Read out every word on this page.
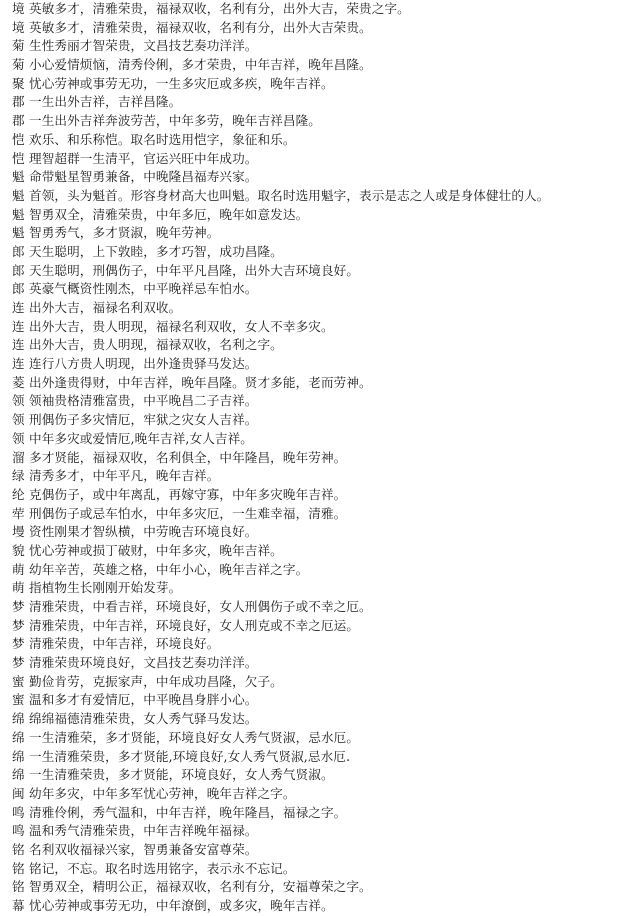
境 英敏多才，清雅荣贵，福禄双收，名利有分，出外大吉，荣贵之字。
境 英敏多才，清雅荣贵，福禄双收，名利有分，出外大吉荣贵。
菊 生性秀丽才智荣贵，文昌技艺奏功洋洋。
菊 小心爱情烦恼，清秀伶俐，多才荣贵，中年吉祥，晚年昌隆。
聚 忧心劳神或事劳无功，一生多灾厄或多疾，晚年吉祥。
郡 一生出外吉祥，吉祥昌隆。
郡 一生出外吉祥奔波劳苦，中年多劳，晚年吉祥昌隆。
恺 欢乐、和乐称恺。取名时选用恺字，象征和乐。
恺 理智超群一生清平，官运兴旺中年成功。
魁 命带魁星智勇兼备，中晚隆昌福寿兴家。
魁 首领，头为魁首。形容身材高大也叫魁。取名时选用魁字，表示是志之人或是身体健壮的人。
魁 智勇双全，清雅荣贵，中年多厄，晚年如意发达。
魁 智勇秀气，多才贤淑，晚年劳神。
郎 天生聪明，上下敦睦，多才巧智，成功昌隆。
郎 天生聪明，刑偶伤子，中年平凡昌隆，出外大吉环境良好。
郎 英豪气概资性刚杰，中平晚祥忌车怕水。
连 出外大吉，福禄名利双收。
连 出外大吉，贵人明现，福禄名利双收，女人不幸多灾。
连 出外大吉，贵人明现，福禄双收，名利之字。
连 连行八方贵人明现，出外逢贵驿马发达。
菱 出外逢贵得财，中年吉祥，晚年昌隆。贤才多能，老而劳神。
领 领袖贵格清雅富贵，中平晚昌二子吉祥。
领 刑偶伤子多灾情厄，牢狱之灾女人吉祥。
领 中年多灾或爱情厄,晚年吉祥,女人吉祥。
溜 多才贤能，福禄双收，名利俱全，中年隆昌，晚年劳神。
绿 清秀多才，中年平凡，晚年吉祥。
纶 克偶伤子，或中年离乱，再嫁守寡，中年多灾晚年吉祥。
荦 刑偶伤子或忌车怕水，中年多灾厄，一生难幸福，清雅。
墁 资性刚果才智纵横，中劳晚吉环境良好。
貌 忧心劳神或损丁破财，中年多灾，晚年吉祥。
萌 幼年辛苦，英雄之格，中年小心，晚年吉祥之字。
萌 指植物生长刚刚开始发芽。
梦 清雅荣贵，中看吉祥，环境良好，女人刑偶伤子或不幸之厄。
梦 清雅荣贵，中年吉祥，环境良好，女人刑克或不幸之厄运。
梦 清雅荣贵，中年吉祥，环境良好。
梦 清雅荣贵环境良好，文昌技艺奏功洋洋。
蜜 勤俭肯劳，克振家声，中年成功昌隆，欠子。
蜜 温和多才有爱情厄，中平晚昌身胖小心。
绵 绵绵福德清雅荣贵，女人秀气驿马发达。
绵 一生清雅荣，多才贤能，环境良好女人秀气贤淑，忌水厄。
绵 一生清雅荣贵，多才贤能,环境良好,女人秀气贤淑,忌水厄.
绵 一生清雅荣贵，多才贤能，环境良好，女人秀气贤淑。
闽 幼年多灾，中年多军忧心劳神，晚年吉祥之字。
鸣 清雅伶俐，秀气温和，中年吉祥，晚年隆昌，福禄之字。
鸣 温和秀气清雅荣贵，中年吉祥晚年福禄。
铭 名利双收福禄兴家，智勇兼备安富尊荣。
铭 铭记，不忘。取名时选用铭字，表示永不忘记。
铭 智勇双全，精明公正，福禄双收，名利有分，安福尊荣之字。
幕 忧心劳神或事劳无功，中年潦倒，或多灾，晚年吉祥。
